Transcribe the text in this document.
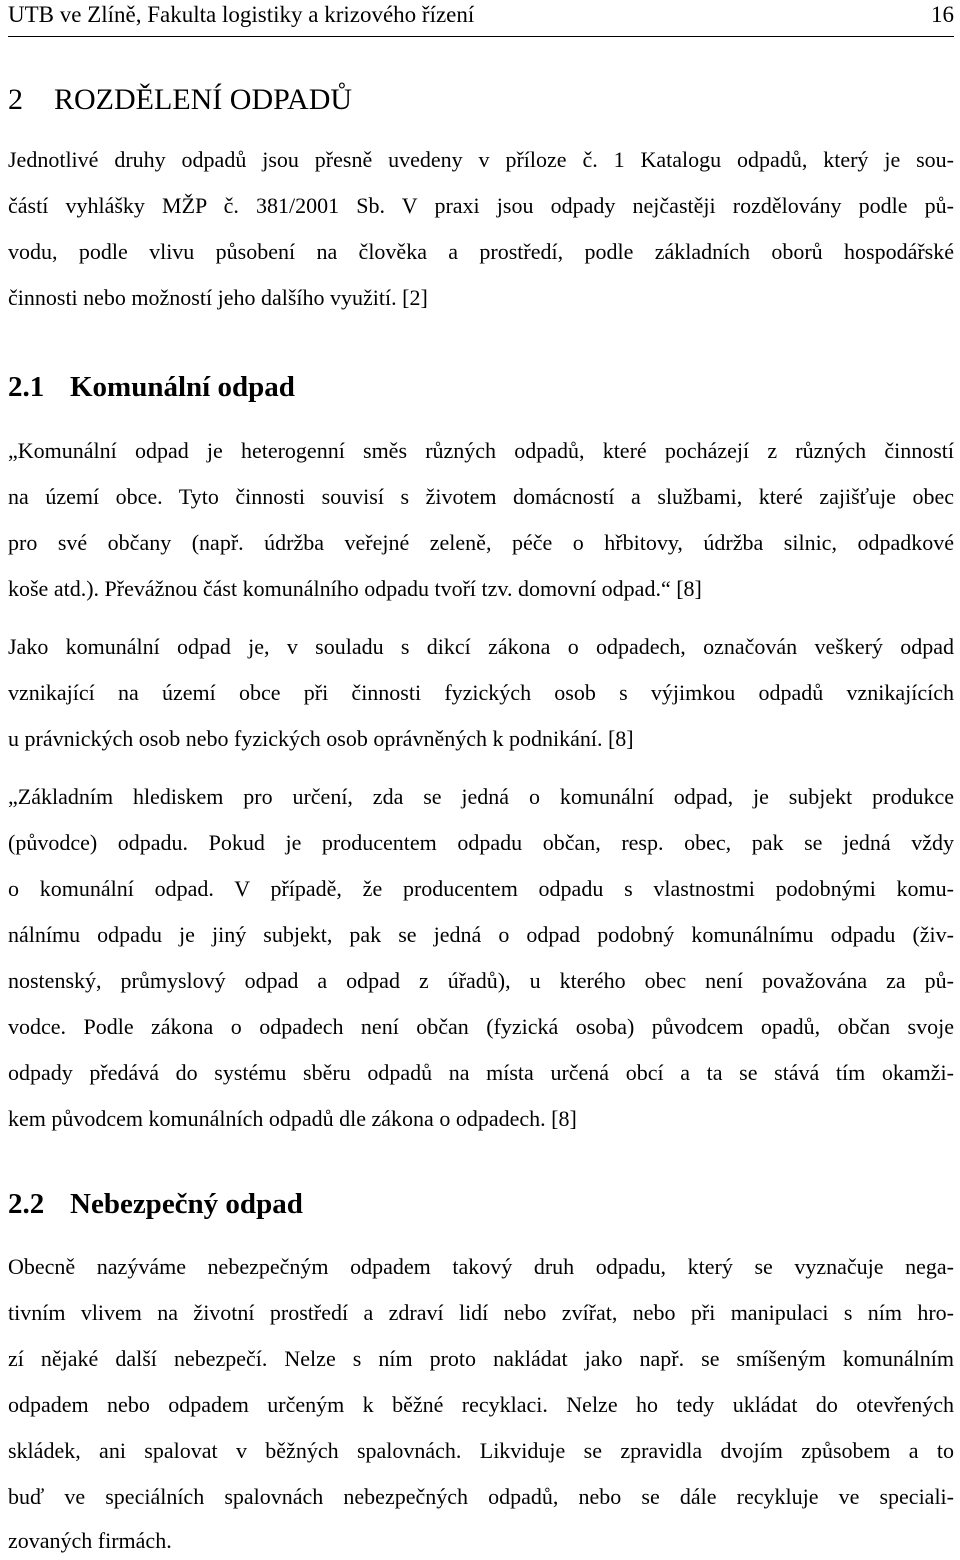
UTB ve Zlíně, Fakulta logistiky a krizového řízení	16
2 ROZDĚLENÍ ODPADŮ
Jednotlivé druhy odpadů jsou přesně uvedeny v příloze č. 1 Katalogu odpadů, který je sou-
částí vyhlášky MŽP č. 381/2001 Sb. V praxi jsou odpady nejčastěji rozdělovány podle pů-
vodu, podle vlivu působení na člověka a prostředí, podle základních oborů hospodářské
činnosti nebo možností jeho dalšího využití. [2]
2.1 Komunální odpad
„Komunální odpad je heterogenní směs různých odpadů, které pocházejí z různých činností
na území obce. Tyto činnosti souvisí s životem domácností a službami, které zajišťuje obec
pro své občany (např. údržba veřejné zeleně, péče o hřbitovy, údržba silnic, odpadkové
koše atd.). Převážnou část komunálního odpadu tvoří tzv. domovní odpad.“ [8]
Jako komunální odpad je, v souladu s dikcí zákona o odpadech, označován veškerý odpad
vznikající na území obce při činnosti fyzických osob s výjimkou odpadů vznikajících
u právnických osob nebo fyzických osob oprávněných k podnikání. [8]
„Základním hlediskem pro určení, zda se jedná o komunální odpad, je subjekt produkce
(původce) odpadu. Pokud je producentem odpadu občan, resp. obec, pak se jedná vždy
o komunální odpad. V případě, že producentem odpadu s vlastnostmi podobnými komu-
nálnímu odpadu je jiný subjekt, pak se jedná o odpad podobný komunálnímu odpadu (živ-
nostenský, průmyslový odpad a odpad z úřadů), u kterého obec není považována za pů-
vodce. Podle zákona o odpadech není občan (fyzická osoba) původcem opadů, občan svoje
odpady předává do systému sběru odpadů na místa určená obcí a ta se stává tím okamži-
kem původcem komunálních odpadů dle zákona o odpadech. [8]
2.2 Nebezpečný odpad
Obecně nazýváme nebezpečným odpadem takový druh odpadu, který se vyznačuje nega-
tivním vlivem na životní prostředí a zdraví lidí nebo zvířat, nebo při manipulaci s ním hro-
zí nějaké další nebezpečí. Nelze s ním proto nakládat jako např. se smíšeným komunálním
odpadem nebo odpadem určeným k běžné recyklaci. Nelze ho tedy ukládat do otevřených
skládek, ani spalovat v běžných spalovnách. Likviduje se zpravidla dvojím způsobem a to
buď ve speciálních spalovnách nebezpečných odpadů, nebo se dále recykluje ve speciali-
zovaných firmách.
